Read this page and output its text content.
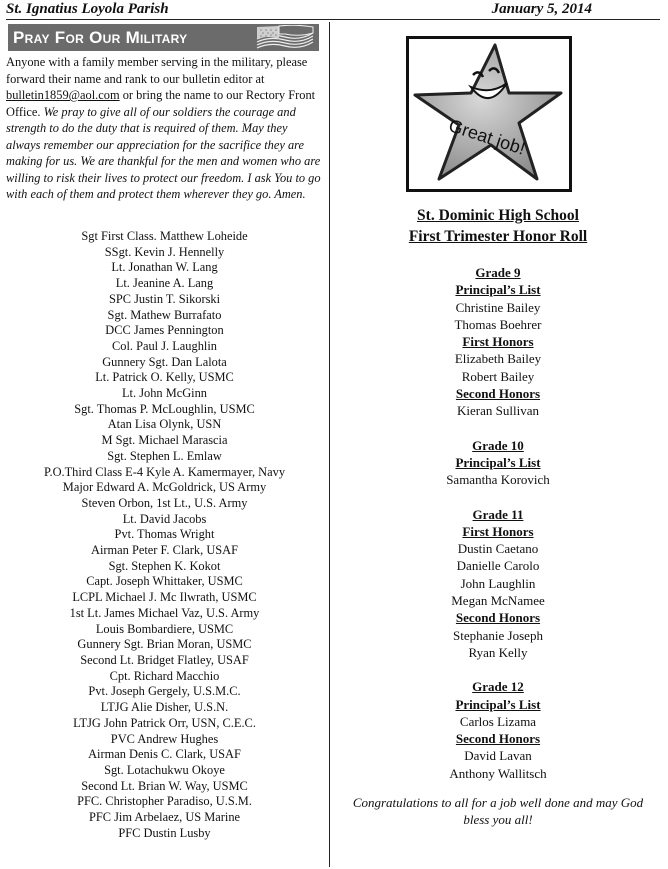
St. Ignatius Loyola Parish	January 5, 2014
Pray For Our Military
Anyone with a family member serving in the military, please forward their name and rank to our bulletin editor at bulletin1859@aol.com or bring the name to our Rectory Front Office. We pray to give all of our soldiers the courage and strength to do the duty that is required of them. May they always remember our appreciation for the sacrifice they are making for us. We are thankful for the men and women who are willing to risk their lives to protect our freedom. I ask You to go with each of them and protect them wherever they go. Amen.
Sgt First Class. Matthew Loheide
SSgt. Kevin J. Hennelly
Lt. Jonathan W. Lang
Lt. Jeanine A. Lang
SPC Justin T. Sikorski
Sgt. Mathew Burrafato
DCC James Pennington
Col. Paul J. Laughlin
Gunnery Sgt. Dan Lalota
Lt. Patrick O. Kelly, USMC
Lt. John McGinn
Sgt. Thomas P. McLoughlin, USMC
Atan Lisa Olynk, USN
M Sgt. Michael Marascia
Sgt. Stephen L. Emlaw
P.O.Third Class E-4 Kyle A. Kamermayer, Navy
Major Edward A. McGoldrick, US Army
Steven Orbon, 1st Lt., U.S. Army
Lt. David Jacobs
Pvt. Thomas Wright
Airman Peter F. Clark, USAF
Sgt. Stephen K. Kokot
Capt. Joseph Whittaker, USMC
LCPL Michael J. Mc Ilwrath, USMC
1st Lt. James Michael Vaz, U.S. Army
Louis Bombardiere, USMC
Gunnery Sgt. Brian Moran, USMC
Second Lt. Bridget Flatley, USAF
Cpt. Richard Macchio
Pvt. Joseph Gergely, U.S.M.C.
LTJG Alie Disher, U.S.N.
LTJG John Patrick Orr, USN, C.E.C.
PVC Andrew Hughes
Airman Denis C. Clark, USAF
Sgt. Lotachukwu Okoye
Second Lt. Brian W. Way, USMC
PFC. Christopher Paradiso, U.S.M.
PFC Jim Arbelaez, US Marine
PFC Dustin Lusby
Great job!
St. Dominic High School
First Trimester Honor Roll
Grade 9
Principal’s List
Christine Bailey
Thomas Boehrer
First Honors
Elizabeth Bailey
Robert Bailey
Second Honors
Kieran Sullivan
Grade 10
Principal’s List
Samantha Korovich
Grade 11
First Honors
Dustin Caetano
Danielle Carolo
John Laughlin
Megan McNamee
Second Honors
Stephanie Joseph
Ryan Kelly
Grade 12
Principal’s List
Carlos Lizama
Second Honors
David Lavan
Anthony Wallitsch
Congratulations to all for a job well done and may God bless you all!
